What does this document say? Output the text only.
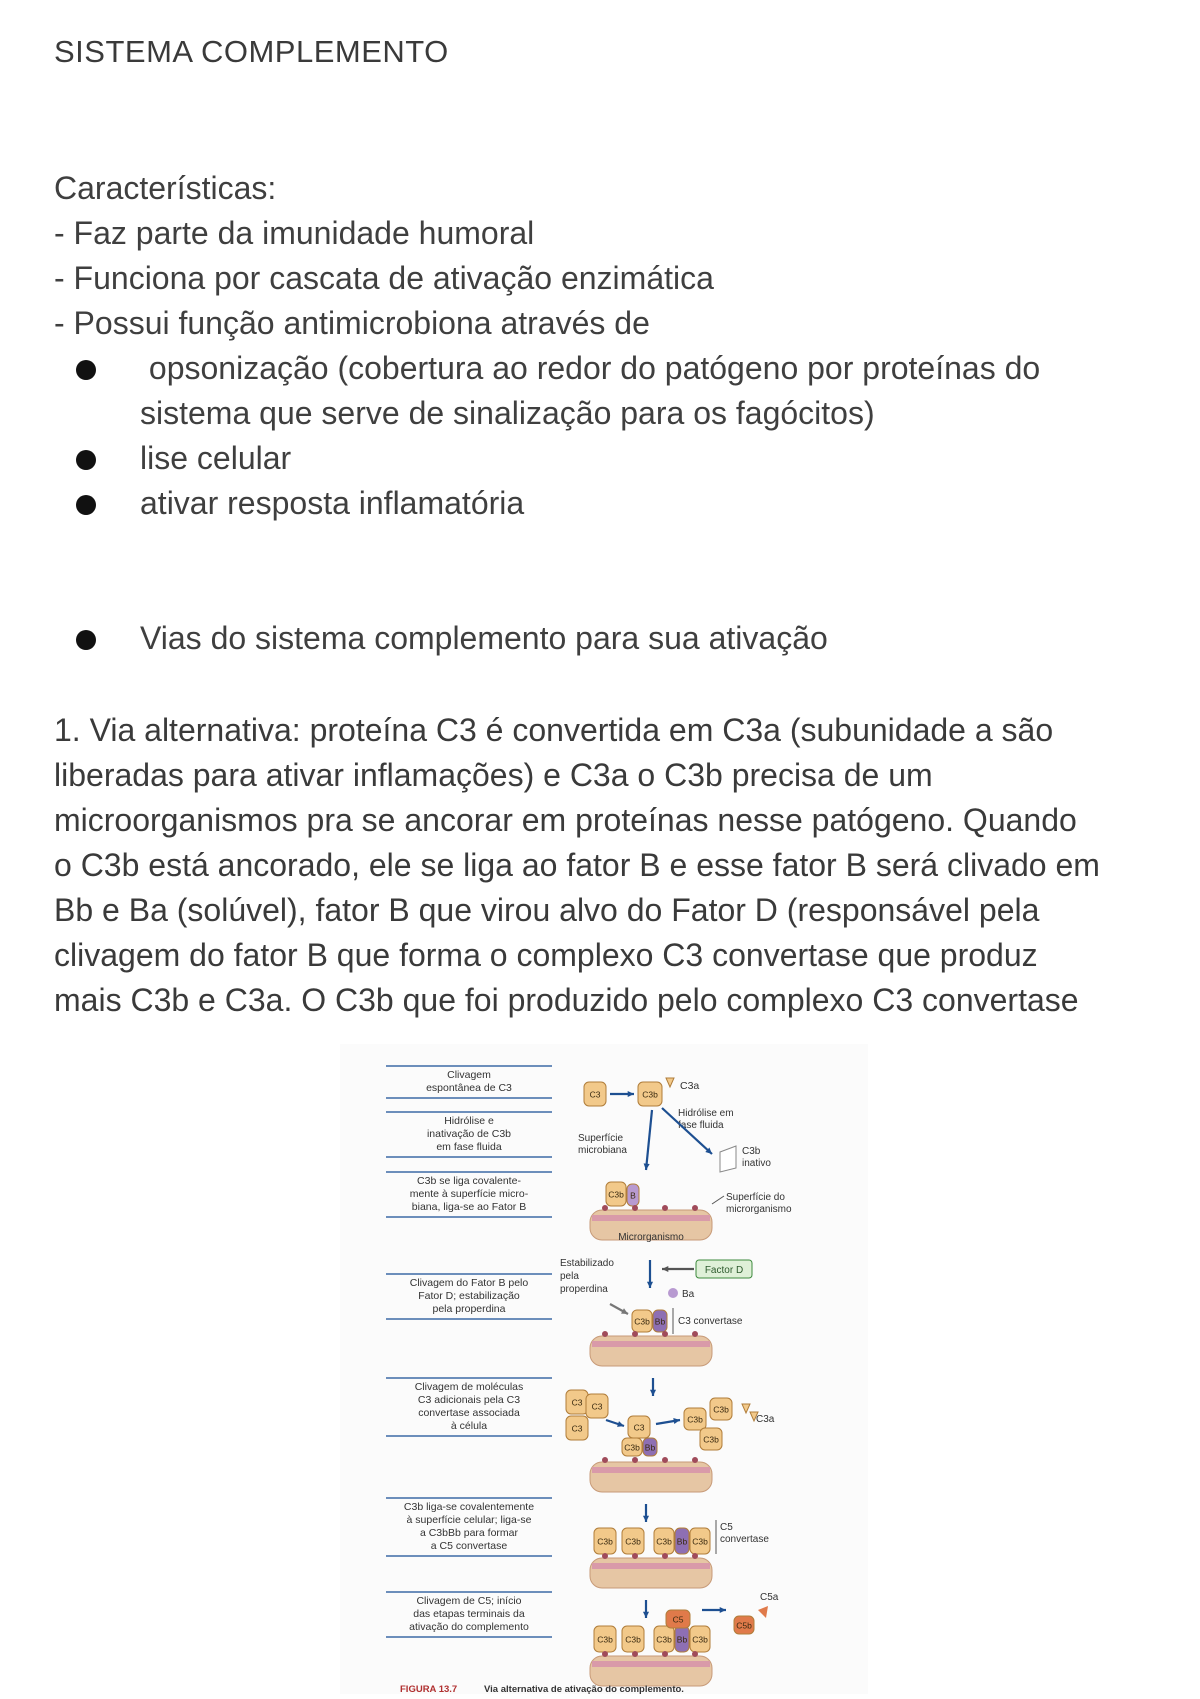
SISTEMA COMPLEMENTO
Características:
- Faz parte da imunidade humoral
- Funciona por cascata de ativação enzimática
- Possui função antimicrobiona através de
opsonização (cobertura ao redor do patógeno por proteínas do
sistema que serve de sinalização para os fagócitos)
lise celular
ativar resposta inflamatória
Vias do sistema complemento para sua ativação
1. Via alternativa: proteína C3 é convertida em C3a (subunidade a são
liberadas para ativar inflamações) e C3a o C3b precisa de um
microorganismos pra se ancorar em proteínas nesse patógeno. Quando
o C3b está ancorado, ele se liga ao fator B e esse fator B será clivado em
Bb e Ba (solúvel), fator B que virou alvo do Fator D (responsável pela
clivagem do fator B que forma o complexo C3 convertase que produz
mais C3b e C3a. O C3b que foi produzido pelo complexo C3 convertase
Clivagem
espontânea de C3
Hidrólise e
inativação de C3b
em fase fluida
C3b se liga covalente-
mente à superfície micro-
biana, liga-se ao Fator B
Clivagem do Fator B pelo
Fator D; estabilização
pela properdina
Clivagem de moléculas
C3 adicionais pela C3
convertase associada
à célula
C3b liga-se covalentemente
à superfície celular; liga-se
a C3bBb para formar
a C5 convertase
Clivagem de C5; início
das etapas terminais da
ativação do complemento
C3	C3b
C3a
Hidrólise em
fase fluida
C3b
inativo
Superfície
microbiana
C3b B
Microrganismo
Superfície do
microrganismo
Estabilizado
pela
properdina
Factor D
Ba
C3b Bb C3 convertase
C3 C3
C3	C3
C3b Bb
C3b
C3b
C3b
C3a
C3b C3b C3b Bb C3b
C5
convertase
C3b C3b C3b Bb C3b
C5
C5b
C5a
FIGURA 13.7	Via alternativa de ativação do complemento.
